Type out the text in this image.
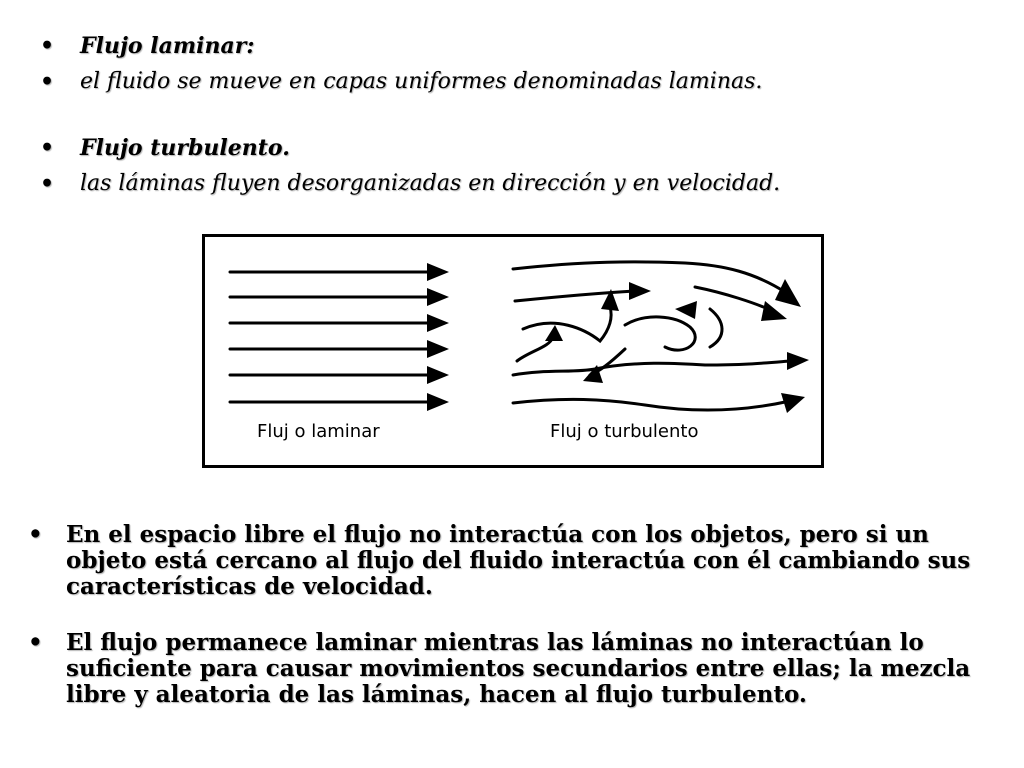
• Flujo laminar:
• el fluido se mueve en capas uniformes denominadas laminas.
• Flujo turbulento.
• las láminas fluyen desorganizadas en dirección y en velocidad.
Fluj o laminar	Fluj o turbulento
• En el espacio libre el flujo no interactúa con los objetos, pero si un objeto está cercano al flujo del fluido interactúa con él cambiando sus características de velocidad.
• El flujo permanece laminar mientras las láminas no interactúan lo suficiente para causar movimientos secundarios entre ellas; la mezcla libre y aleatoria de las láminas, hacen al flujo turbulento.
